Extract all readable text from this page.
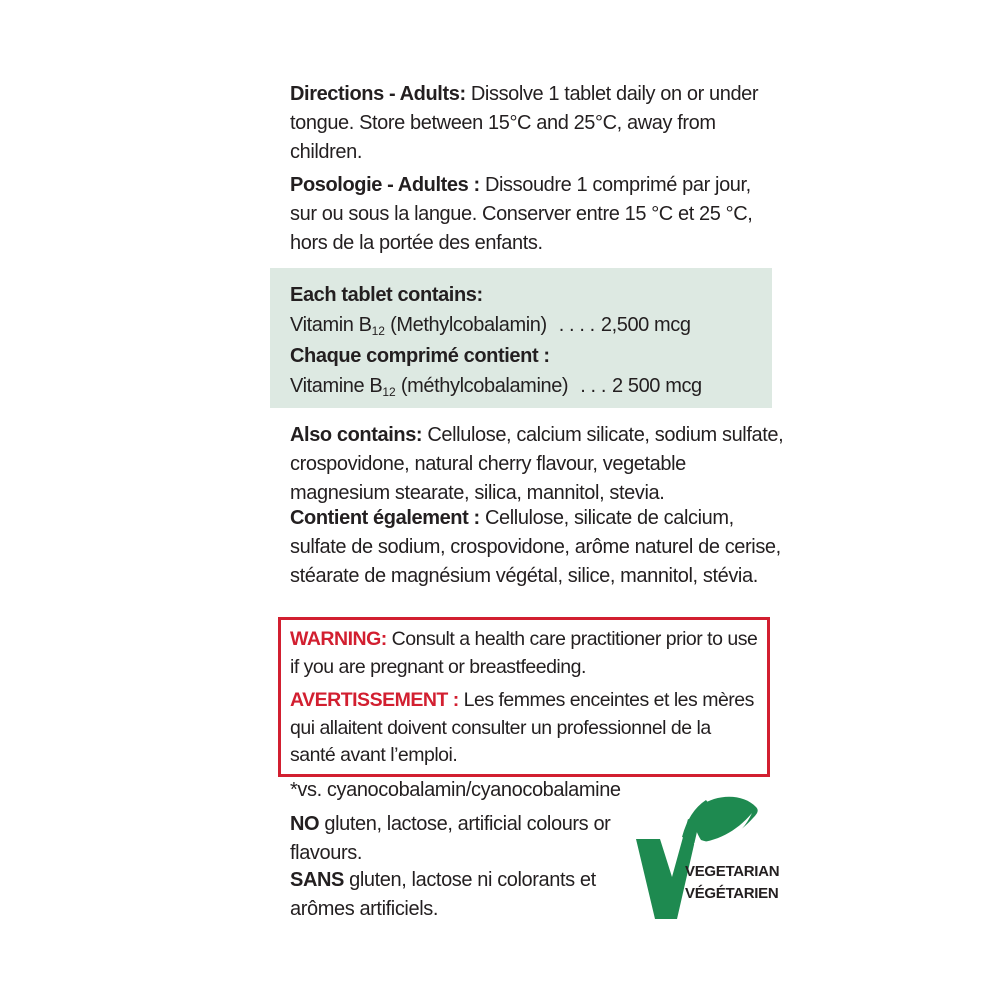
Directions - Adults: Dissolve 1 tablet daily on or under tongue. Store between 15°C and 25°C, away from children.
Posologie - Adultes : Dissoudre 1 comprimé par jour, sur ou sous la langue. Conserver entre 15 °C et 25 °C, hors de la portée des enfants.
Each tablet contains:
Vitamin $B_{12}$ (Methylcobalamin) . . . . 2,500 mcg
Chaque comprimé contient :
Vitamine $B_{12}$ (méthylcobalamine) . . . 2 500 mcg
Also contains: Cellulose, calcium silicate, sodium sulfate, crospovidone, natural cherry flavour, vegetable magnesium stearate, silica, mannitol, stevia.
Contient également : Cellulose, silicate de calcium, sulfate de sodium, crospovidone, arôme naturel de cerise, stéarate de magnésium végétal, silice, mannitol, stévia.

WARNING: Consult a health care practitioner prior to use if you are pregnant or breastfeeding.

AVERTISSEMENT : Les femmes enceintes et les mères qui allaitent doivent consulter un professionnel de la santé avant l’emploi.

*vs. cyanocobalamin/cyanocobalamine
NO gluten, lactose, artificial colours or flavours.
SANS gluten, lactose ni colorants et arômes artificiels.
VEGETARIAN
VÉGÉTARIEN
